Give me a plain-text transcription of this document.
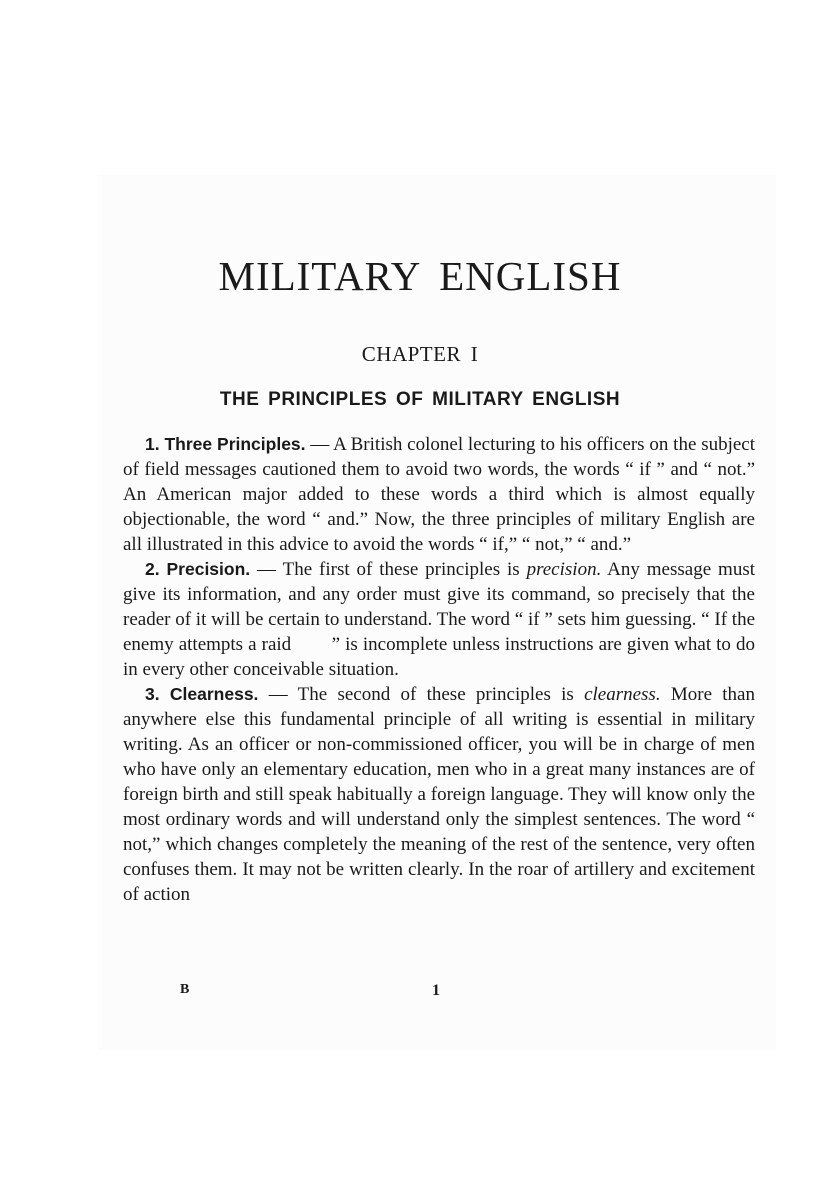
MILITARY ENGLISH
CHAPTER I
THE PRINCIPLES OF MILITARY ENGLISH

1. Three Principles. — A British colonel lecturing to his officers on the subject of field messages cautioned them to avoid two words, the words “ if ” and “ not.” An American major added to these words a third which is almost equally objectionable, the word “ and.” Now, the three principles of military English are all illustrated in this advice to avoid the words “ if,” “ not,” “ and.”

2. Precision. — The first of these principles is precision. Any message must give its information, and any order must give its command, so precisely that the reader of it will be certain to understand. The word “ if ” sets him guessing. “ If the enemy attempts a raid        ” is incomplete unless instructions are given what to do in every other conceivable situation.

3. Clearness. — The second of these principles is clearness. More than anywhere else this fundamental principle of all writing is essential in military writing. As an officer or non-commissioned officer, you will be in charge of men who have only an elementary education, men who in a great many instances are of foreign birth and still speak habitually a foreign language. They will know only the most ordinary words and will understand only the simplest sentences. The word “ not,” which changes completely the meaning of the rest of the sentence, very often confuses them. It may not be written clearly. In the roar of artillery and excitement of action

B	1
